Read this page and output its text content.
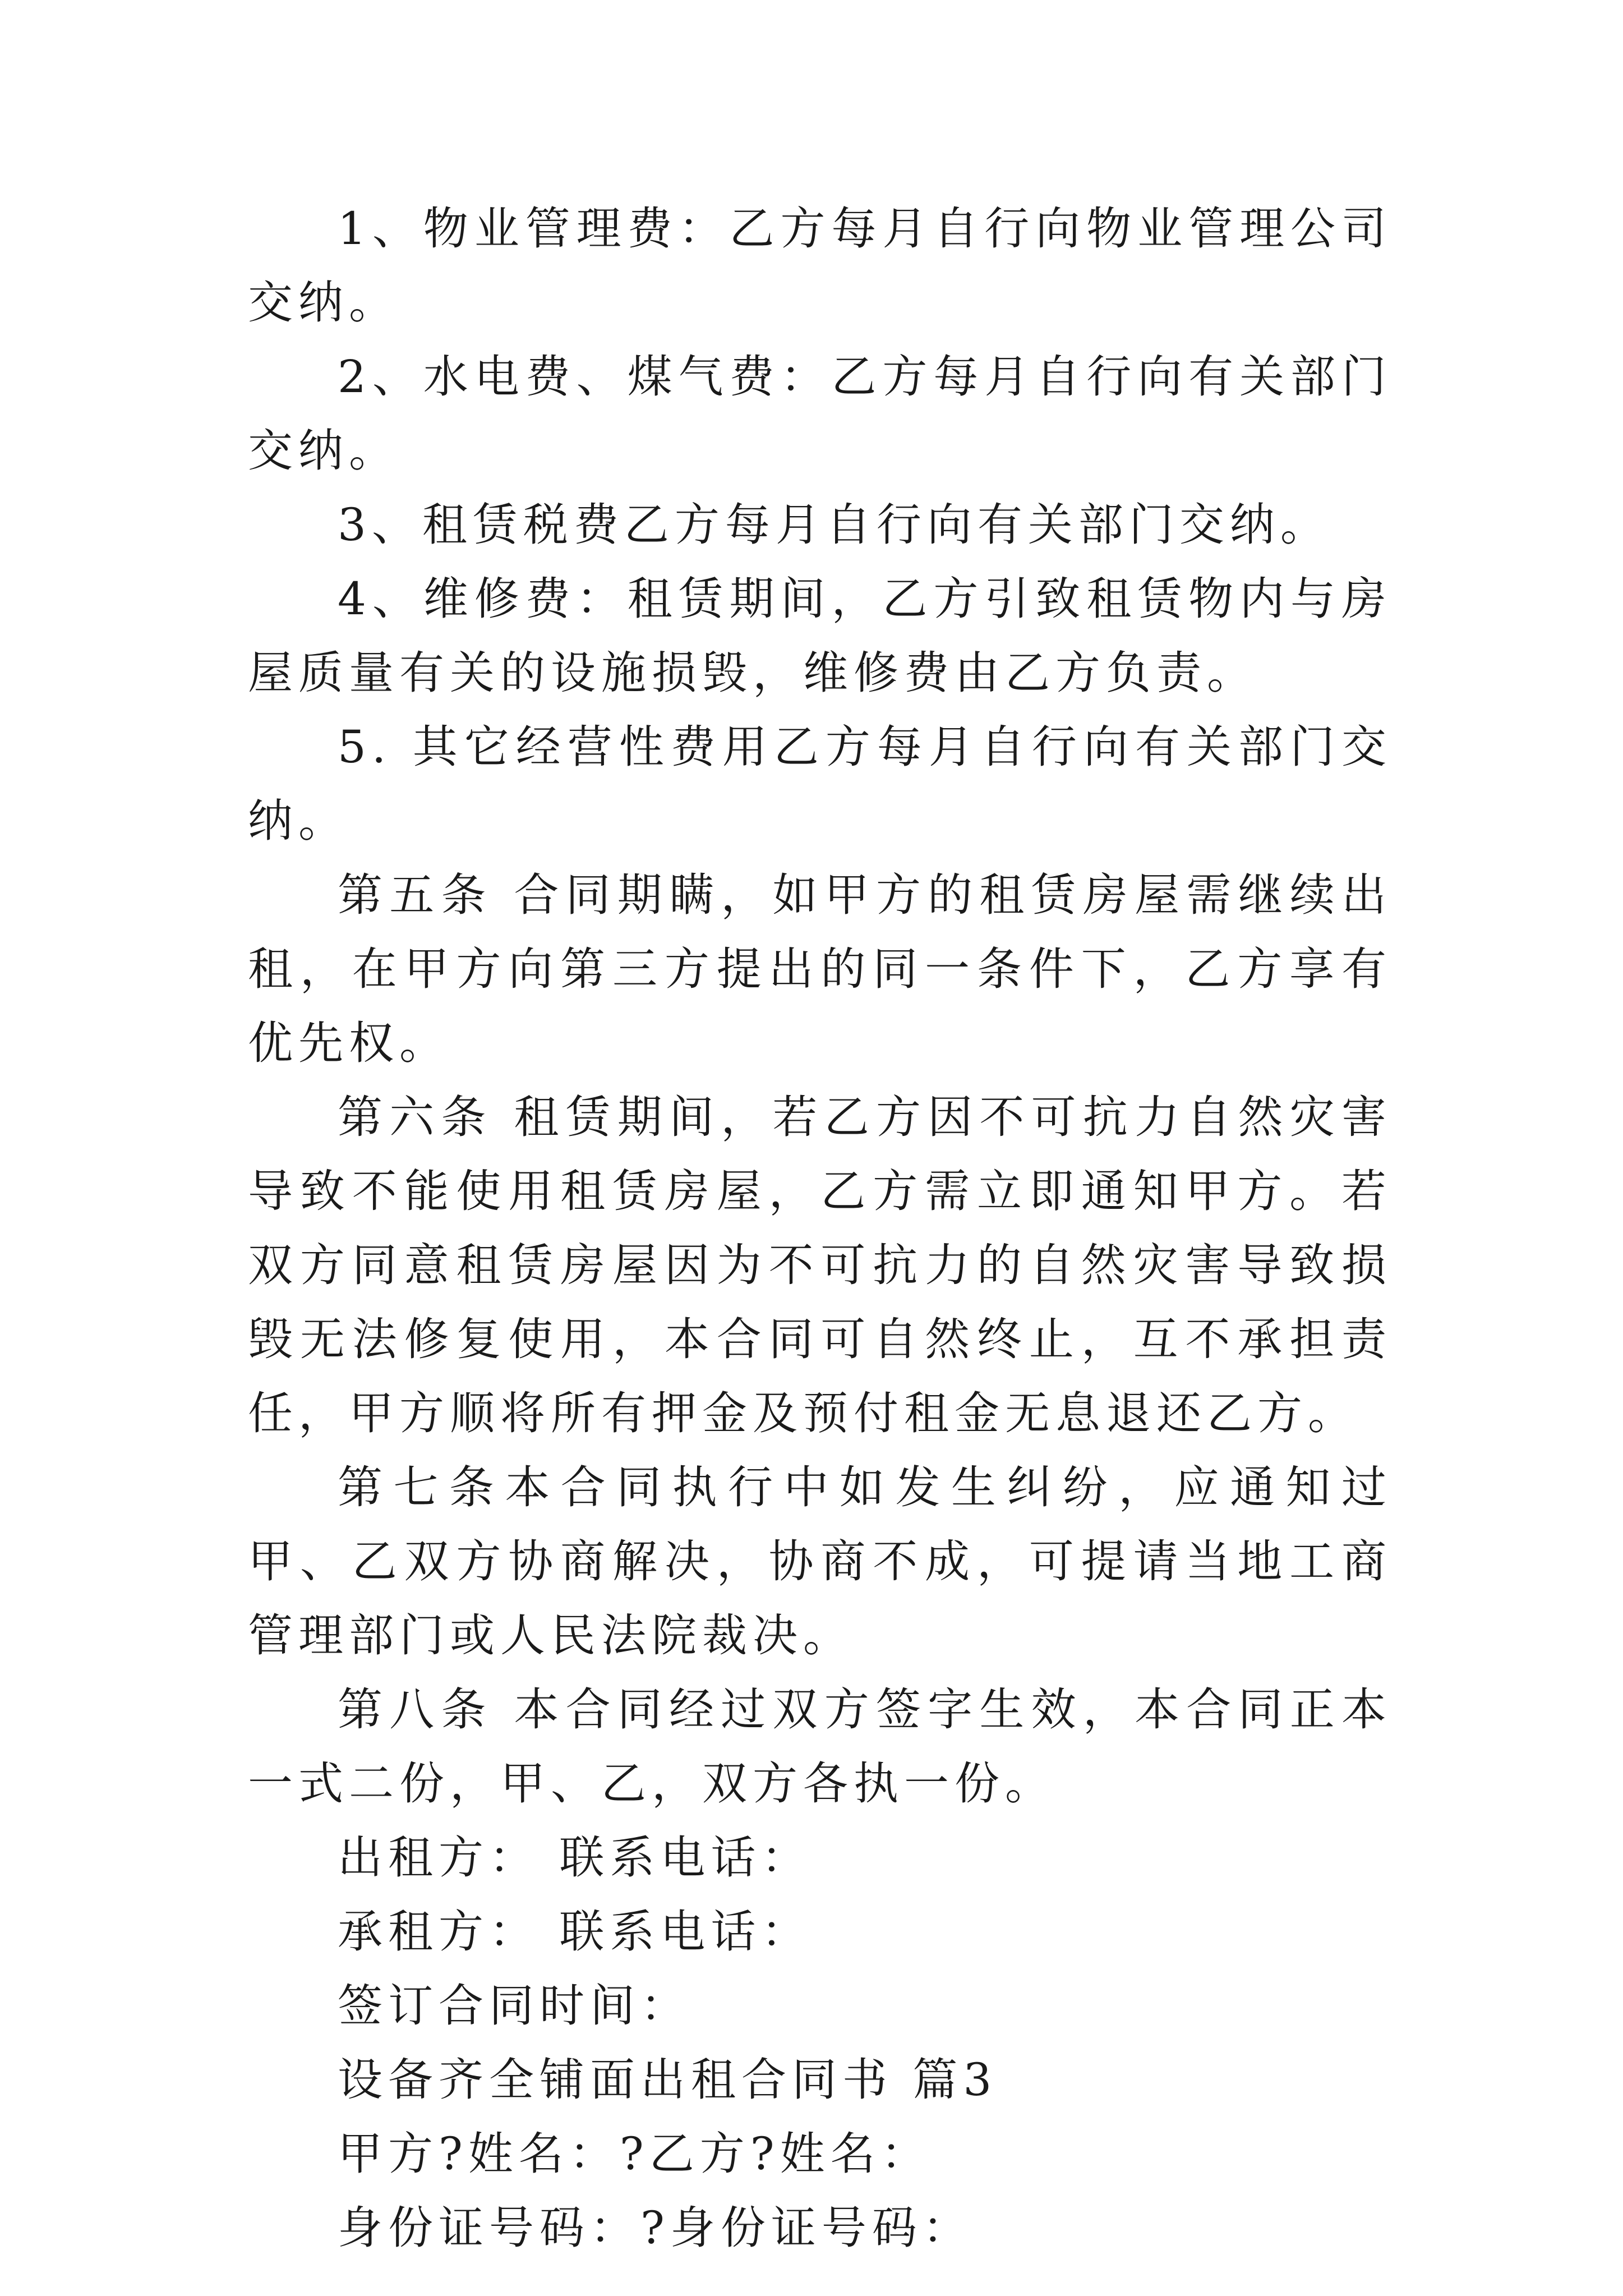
1、物业管理费：乙方每月自行向物业管理公司交纳。

2、水电费、煤气费：乙方每月自行向有关部门交纳。

3、租赁税费乙方每月自行向有关部门交纳。

4、维修费：租赁期间，乙方引致租赁物内与房屋质量有关的设施损毁，维修费由乙方负责。

5. 其它经营性费用乙方每月自行向有关部门交纳。

第五条 合同期瞒，如甲方的租赁房屋需继续出租，在甲方向第三方提出的同一条件下，乙方享有优先权。

第六条 租赁期间，若乙方因不可抗力自然灾害导致不能使用租赁房屋，乙方需立即通知甲方。若双方同意租赁房屋因为不可抗力的自然灾害导致损毁无法修复使用，本合同可自然终止，互不承担责任，甲方顺将所有押金及预付租金无息退还乙方。

第七条本合同执行中如发生纠纷，应通知过甲、乙双方协商解决，协商不成，可提请当地工商管理部门或人民法院裁决。

第八条 本合同经过双方签字生效，本合同正本一式二份，甲、乙，双方各执一份。

出租方： 联系电话：

承租方： 联系电话：

签订合同时间：

设备齐全铺面出租合同书 篇3

甲方?姓名：?乙方?姓名：

身份证号码：?身份证号码：
